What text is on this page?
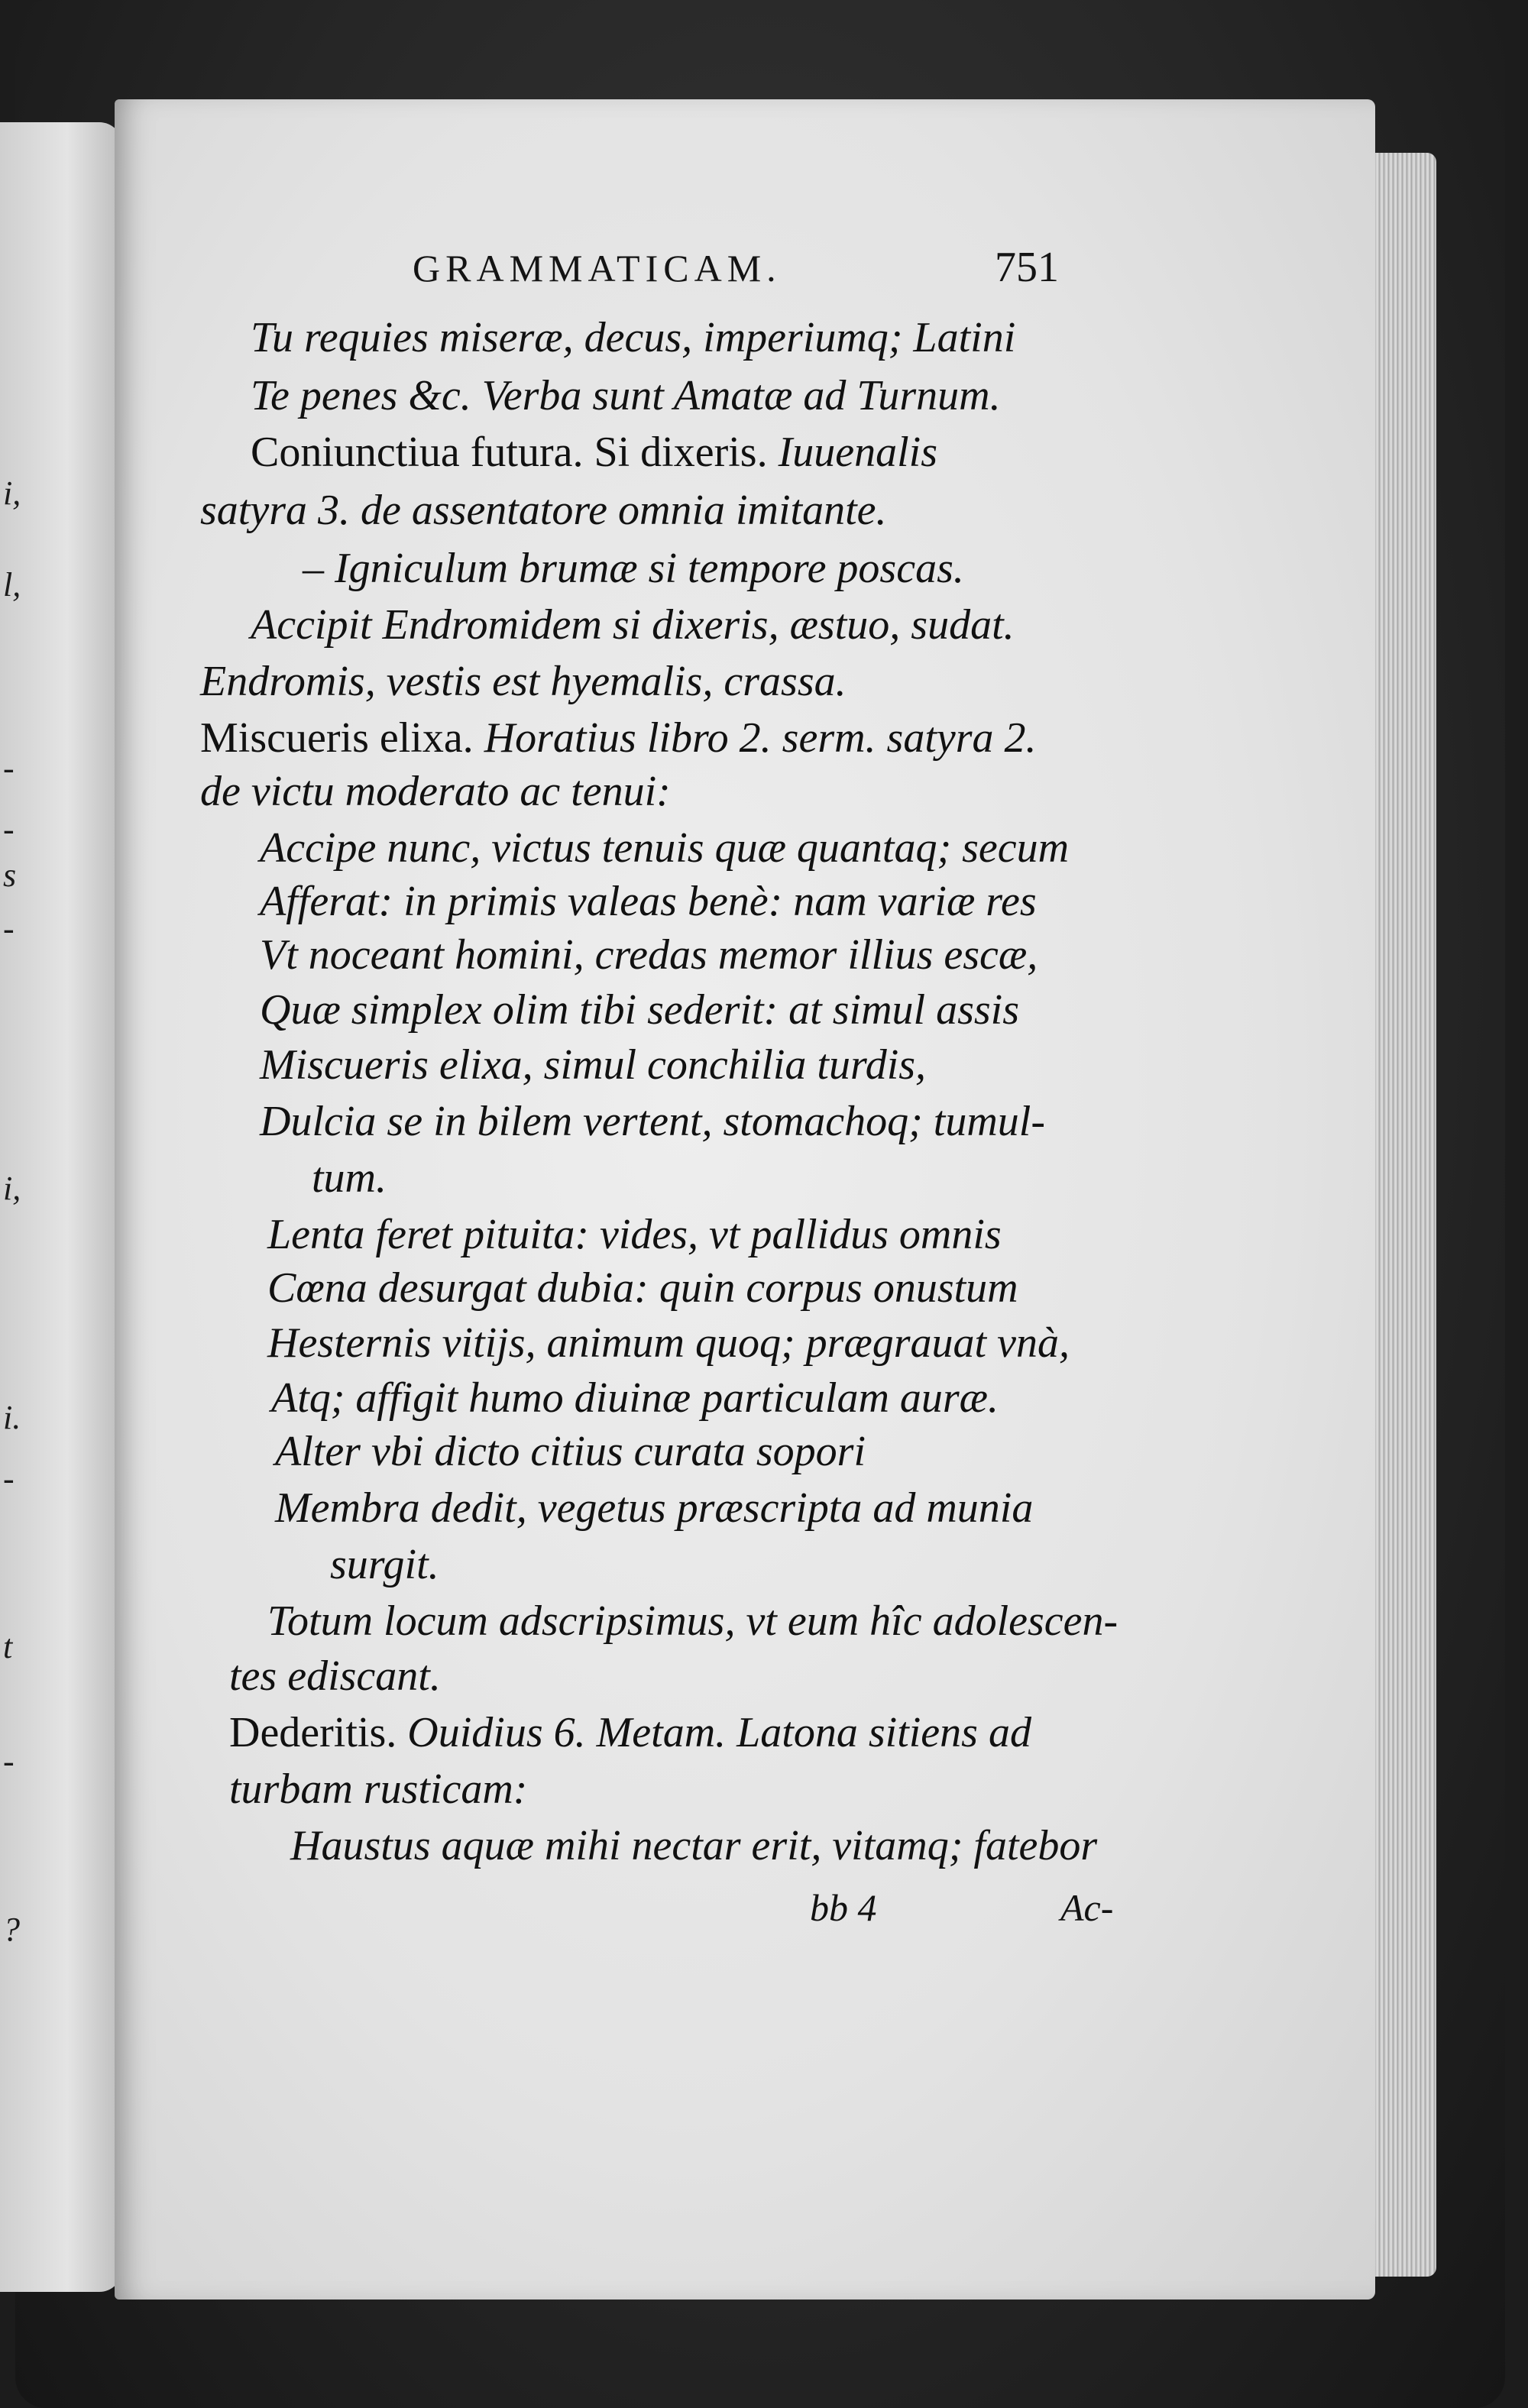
i,
l,
-
-
s
-
i,
i.
-
t
-
?
GRAMMATICAM.	751
Tu requies miseræ, decus, imperiumq; Latini
Te penes &c. Verba sunt Amatæ ad Turnum.
Coniunctiua futura. Si dixeris. Iuuenalis
satyra 3. de assentatore omnia imitante.
– Igniculum brumæ si tempore poscas.
Accipit Endromidem si dixeris, æstuo, sudat.
Endromis, vestis est hyemalis, crassa.
Miscueris elixa. Horatius libro 2. serm. satyra 2.
de victu moderato ac tenui:
Accipe nunc, victus tenuis quæ quantaq; secum
Afferat: in primis valeas benè: nam variæ res
Vt noceant homini, credas memor illius escæ,
Quæ simplex olim tibi sederit: at simul assis
Miscueris elixa, simul conchilia turdis,
Dulcia se in bilem vertent, stomachoq; tumul-
tum.
Lenta feret pituita: vides, vt pallidus omnis
Cœna desurgat dubia: quin corpus onustum
Hesternis vitijs, animum quoq; prægrauat vnà,
Atq; affigit humo diuinæ particulam auræ.
Alter vbi dicto citius curata sopori
Membra dedit, vegetus præscripta ad munia
surgit.
Totum locum adscripsimus, vt eum hîc adolescen-
tes ediscant.
Dederitis. Ouidius 6. Metam. Latona sitiens ad
turbam rusticam:
Haustus aquæ mihi nectar erit, vitamq; fatebor
bb 4	Ac-
